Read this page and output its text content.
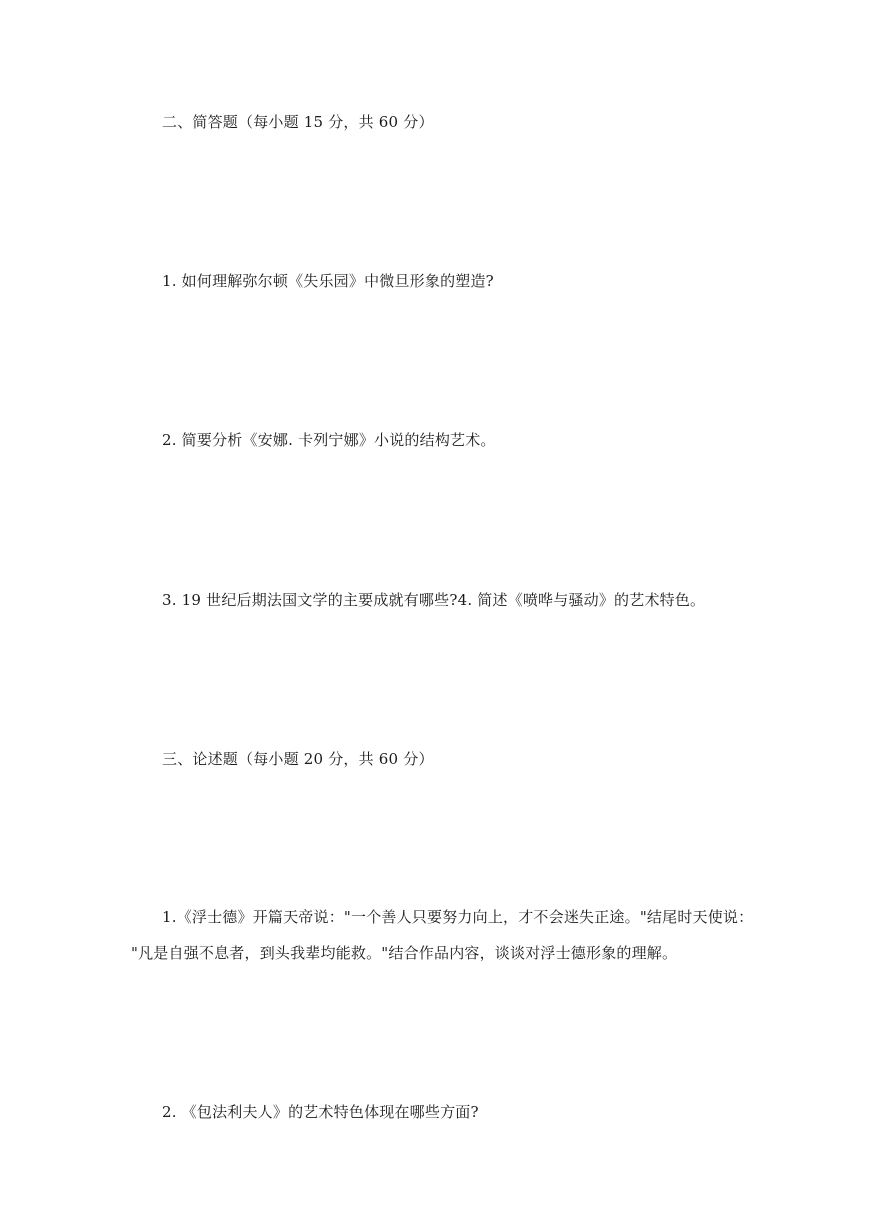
二、简答题（每小题 15 分，共 60 分）
1. 如何理解弥尔顿《失乐园》中微旦形象的塑造?
2. 简要分析《安娜. 卡列宁娜》小说的结构艺术。
3. 19 世纪后期法国文学的主要成就有哪些?4. 简述《喷哗与骚动》的艺术特色。
三、论述题（每小题 20 分，共 60 分）
1.《浮士德》开篇天帝说："一个善人只要努力向上，才不会迷失正途。"结尾时天使说：
"凡是自强不息者，到头我辈均能救。"结合作品内容，谈谈对浮士德形象的理解。
2. 《包法利夫人》的艺术特色体现在哪些方面?
